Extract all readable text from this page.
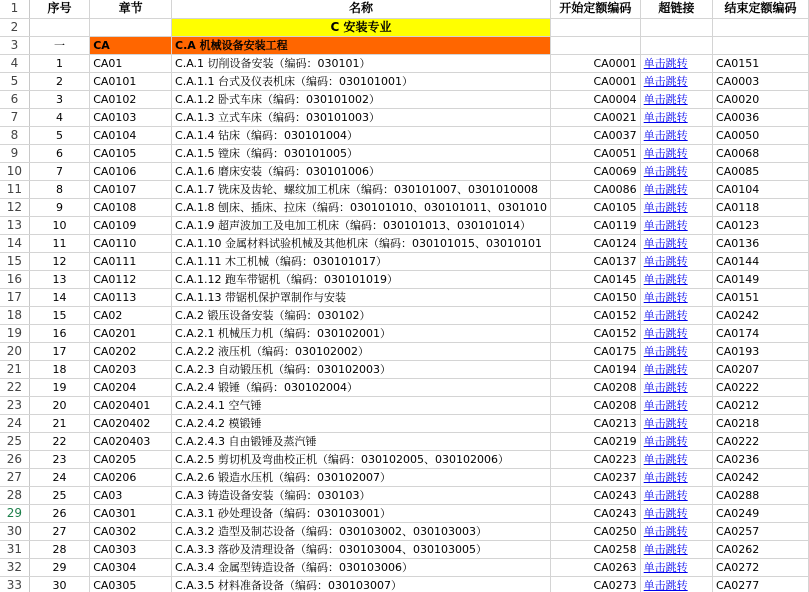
1	序号	章节	名称	开始定额编码	超链接	结束定额编码
2			C 安装专业			
3	一	CA	C.A 机械设备安装工程			
4	1	CA01	C.A.1 切削设备安装（编码：030101）	CA0001	单击跳转	CA0151
5	2	CA0101	C.A.1.1 台式及仪表机床（编码：030101001）	CA0001	单击跳转	CA0003
6	3	CA0102	C.A.1.2 卧式车床（编码：030101002）	CA0004	单击跳转	CA0020
7	4	CA0103	C.A.1.3 立式车床（编码：030101003）	CA0021	单击跳转	CA0036
8	5	CA0104	C.A.1.4 钻床（编码：030101004）	CA0037	单击跳转	CA0050
9	6	CA0105	C.A.1.5 镗床（编码：030101005）	CA0051	单击跳转	CA0068
10	7	CA0106	C.A.1.6 磨床安装（编码：030101006）	CA0069	单击跳转	CA0085
11	8	CA0107	C.A.1.7 铣床及齿轮、螺纹加工机床（编码：030101007、0301010008	CA0086	单击跳转	CA0104
12	9	CA0108	C.A.1.8 刨床、插床、拉床（编码：030101010、030101011、0301010	CA0105	单击跳转	CA0118
13	10	CA0109	C.A.1.9 超声波加工及电加工机床（编码：030101013、030101014）	CA0119	单击跳转	CA0123
14	11	CA0110	C.A.1.10 金属材料试验机械及其他机床（编码：030101015、03010101	CA0124	单击跳转	CA0136
15	12	CA0111	C.A.1.11 木工机械（编码：030101017）	CA0137	单击跳转	CA0144
16	13	CA0112	C.A.1.12 跑车带锯机（编码：030101019）	CA0145	单击跳转	CA0149
17	14	CA0113	C.A.1.13 带锯机保护罩制作与安装	CA0150	单击跳转	CA0151
18	15	CA02	C.A.2 锻压设备安装（编码：030102）	CA0152	单击跳转	CA0242
19	16	CA0201	C.A.2.1 机械压力机（编码：030102001）	CA0152	单击跳转	CA0174
20	17	CA0202	C.A.2.2 液压机（编码：030102002）	CA0175	单击跳转	CA0193
21	18	CA0203	C.A.2.3 自动锻压机（编码：030102003）	CA0194	单击跳转	CA0207
22	19	CA0204	C.A.2.4 锻锤（编码：030102004）	CA0208	单击跳转	CA0222
23	20	CA020401	C.A.2.4.1 空气锤	CA0208	单击跳转	CA0212
24	21	CA020402	C.A.2.4.2 模锻锤	CA0213	单击跳转	CA0218
25	22	CA020403	C.A.2.4.3 自由锻锤及蒸汽锤	CA0219	单击跳转	CA0222
26	23	CA0205	C.A.2.5 剪切机及弯曲校正机（编码：030102005、030102006）	CA0223	单击跳转	CA0236
27	24	CA0206	C.A.2.6 锻造水压机（编码：030102007）	CA0237	单击跳转	CA0242
28	25	CA03	C.A.3 铸造设备安装（编码：030103）	CA0243	单击跳转	CA0288
29	26	CA0301	C.A.3.1 砂处理设备（编码：030103001）	CA0243	单击跳转	CA0249
30	27	CA0302	C.A.3.2 造型及制芯设备（编码：030103002、030103003）	CA0250	单击跳转	CA0257
31	28	CA0303	C.A.3.3 落砂及清理设备（编码：030103004、030103005）	CA0258	单击跳转	CA0262
32	29	CA0304	C.A.3.4 金属型铸造设备（编码：030103006）	CA0263	单击跳转	CA0272
33	30	CA0305	C.A.3.5 材料准备设备（编码：030103007）	CA0273	单击跳转	CA0277
